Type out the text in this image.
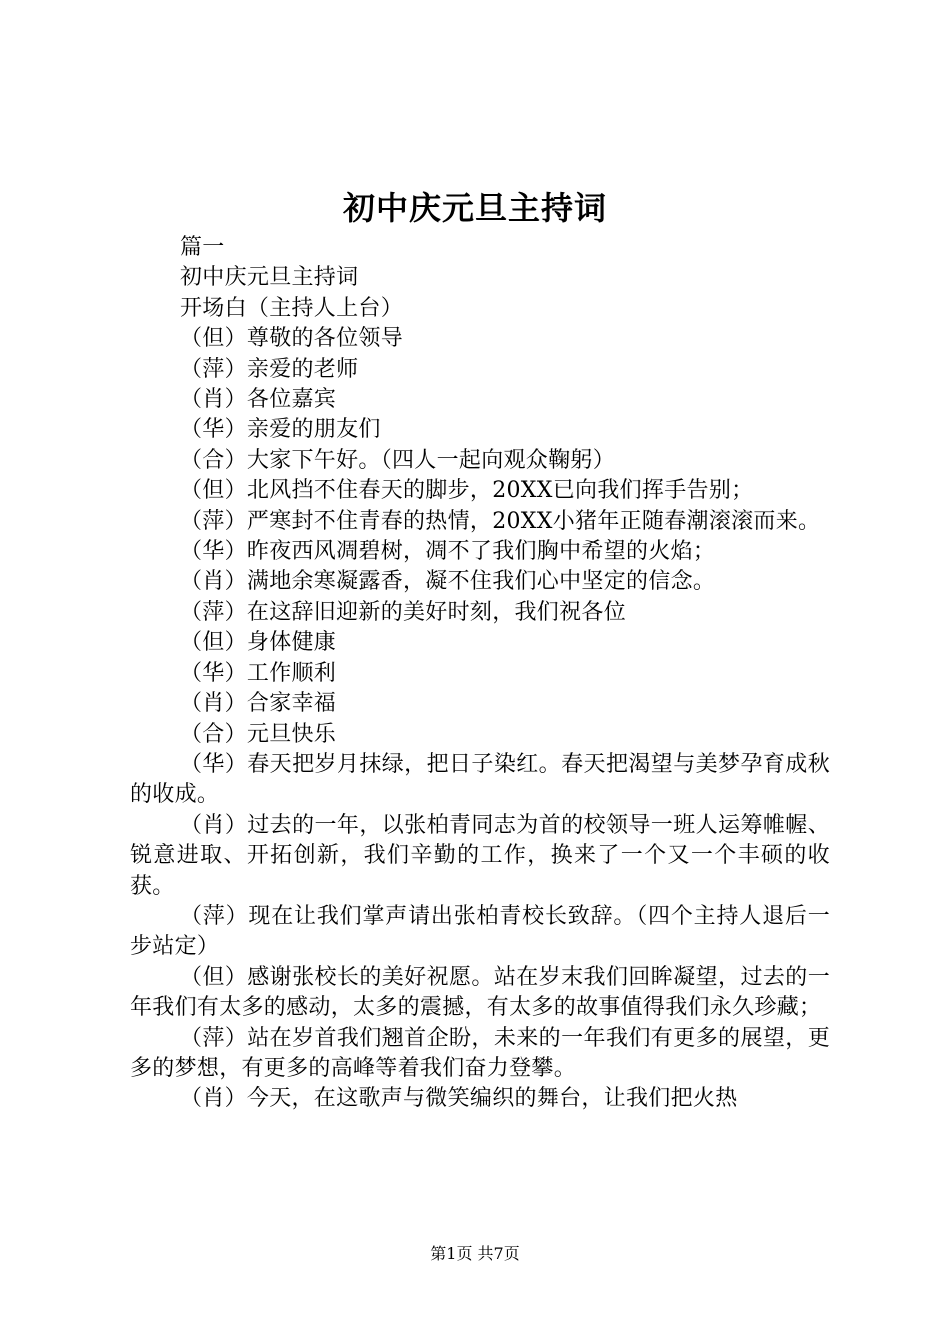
初中庆元旦主持词

篇一

初中庆元旦主持词

开场白（主持人上台）

（但）尊敬的各位领导

（萍）亲爱的老师

（肖）各位嘉宾

（华）亲爱的朋友们

（合）大家下午好。（四人一起向观众鞠躬）

（但）北风挡不住春天的脚步，20XX已向我们挥手告别；

（萍）严寒封不住青春的热情，20XX小猪年正随春潮滚滚而来。

（华）昨夜西风凋碧树，凋不了我们胸中希望的火焰；

（肖）满地余寒凝露香，凝不住我们心中坚定的信念。

（萍）在这辞旧迎新的美好时刻，我们祝各位

（但）身体健康

（华）工作顺利

（肖）合家幸福

（合）元旦快乐

（华）春天把岁月抹绿，把日子染红。春天把渴望与美梦孕育成秋的收成。

（肖）过去的一年，以张柏青同志为首的校领导一班人运筹帷幄、锐意进取、开拓创新，我们辛勤的工作，换来了一个又一个丰硕的收获。

（萍）现在让我们掌声请出张柏青校长致辞。（四个主持人退后一步站定）

（但）感谢张校长的美好祝愿。站在岁末我们回眸凝望，过去的一年我们有太多的感动，太多的震撼，有太多的故事值得我们永久珍藏；

（萍）站在岁首我们翘首企盼，未来的一年我们有更多的展望，更多的梦想，有更多的高峰等着我们奋力登攀。

（肖）今天，在这歌声与微笑编织的舞台，让我们把火热

第1页 共7页
